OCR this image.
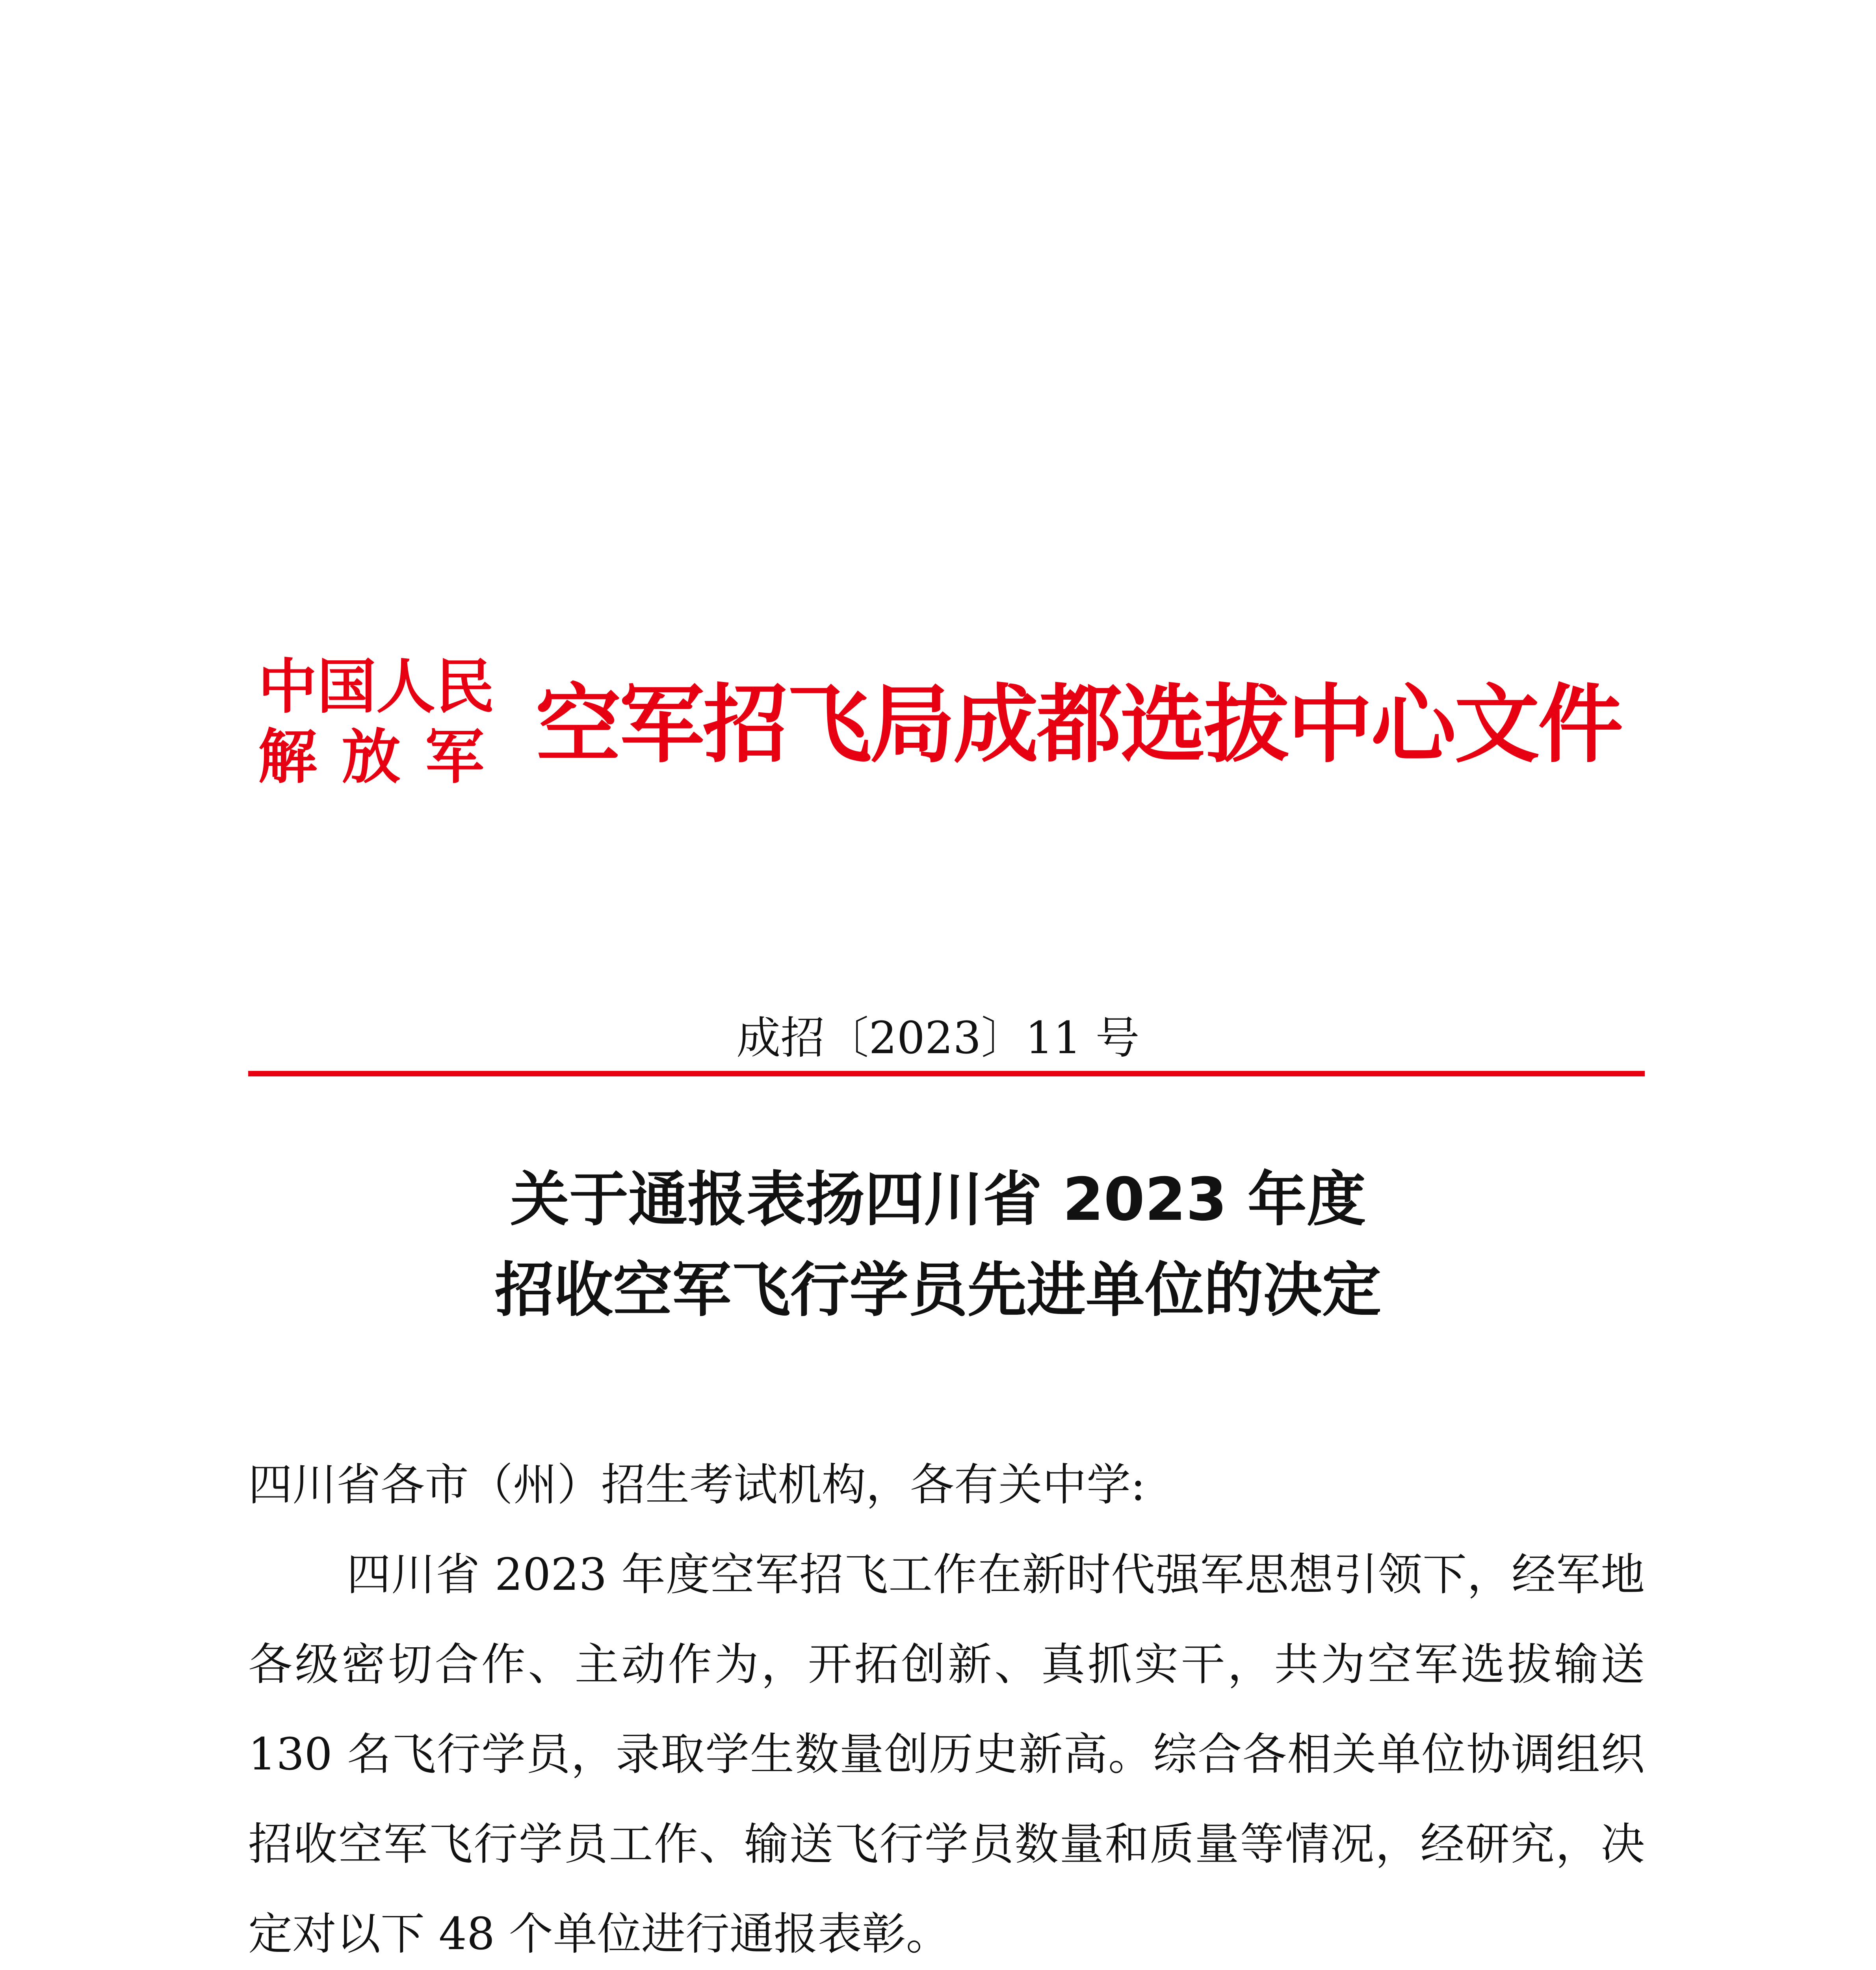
中国人民
解放军 空军招飞局成都选拔中心文件
成招〔2023〕11 号
关于通报表扬四川省 2023 年度
招收空军飞行学员先进单位的决定
四川省各市（州）招生考试机构，各有关中学:
四川省 2023 年度空军招飞工作在新时代强军思想引领下，经军地各级密切合作、主动作为，开拓创新、真抓实干，共为空军选拔输送 130 名飞行学员，录取学生数量创历史新高。综合各相关单位协调组织招收空军飞行学员工作、输送飞行学员数量和质量等情况，经研究，决定对以下 48 个单位进行通报表彰。
